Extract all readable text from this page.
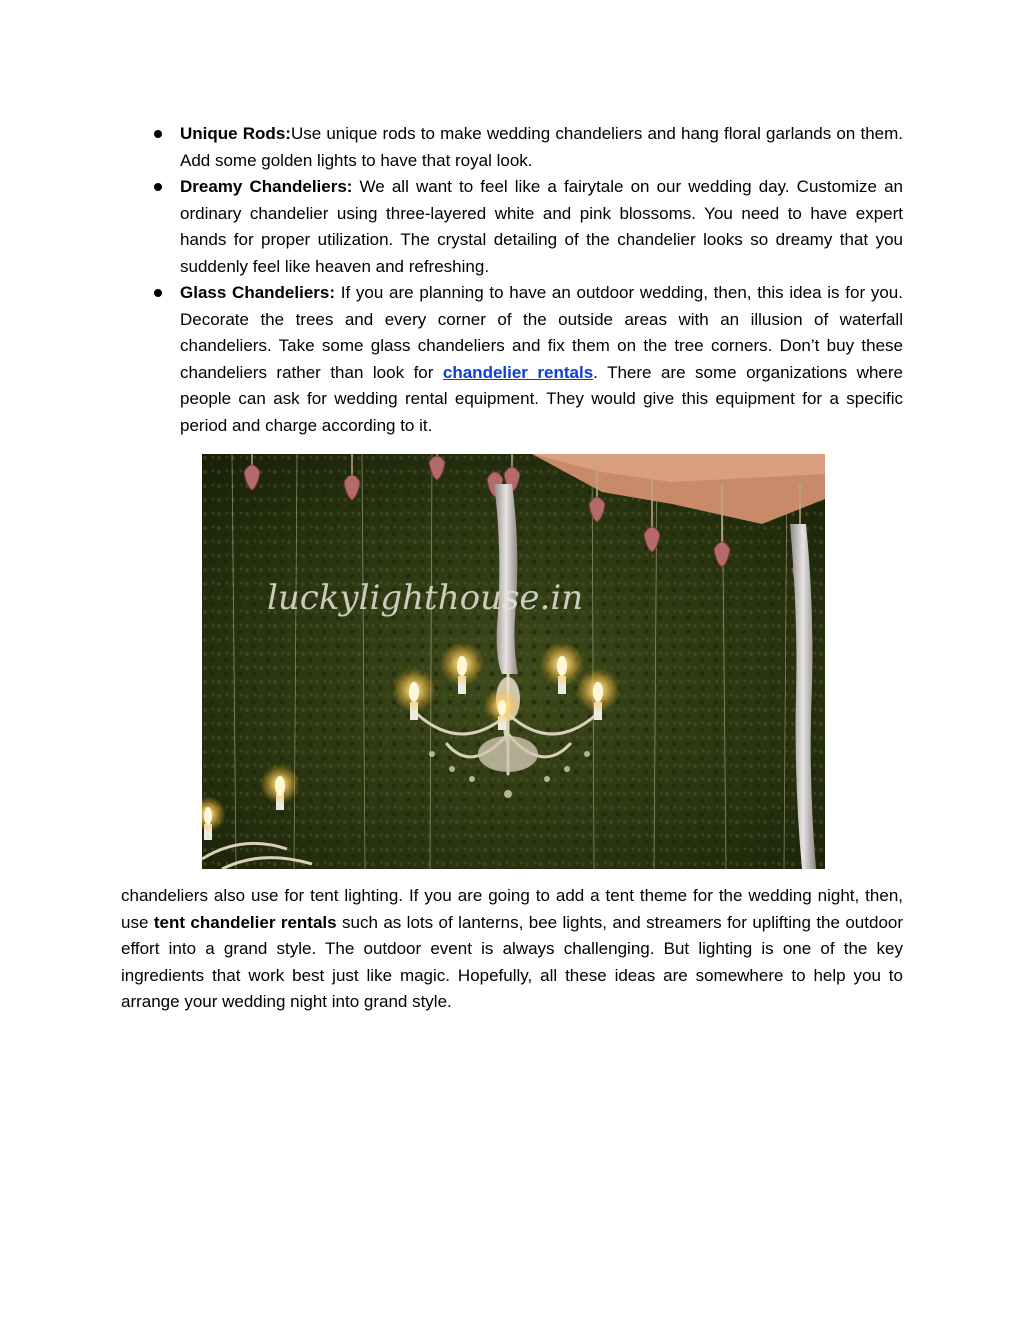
Unique Rods:Use unique rods to make wedding chandeliers and hang floral garlands on them. Add some golden lights to have that royal look.
Dreamy Chandeliers: We all want to feel like a fairytale on our wedding day. Customize an ordinary chandelier using three-layered white and pink blossoms. You need to have expert hands for proper utilization. The crystal detailing of the chandelier looks so dreamy that you suddenly feel like heaven and refreshing.
Glass Chandeliers: If you are planning to have an outdoor wedding, then, this idea is for you. Decorate the trees and every corner of the outside areas with an illusion of waterfall chandeliers. Take some glass chandeliers and fix them on the tree corners. Don’t buy these chandeliers rather than look for chandelier rentals. There are some organizations where people can ask for wedding rental equipment. They would give this equipment for a specific period and charge according to it.
luckylighthouse.in

chandeliers also use for tent lighting. If you are going to add a tent theme for the wedding night, then, use tent chandelier rentals such as lots of lanterns, bee lights, and streamers for uplifting the outdoor effort into a grand style. The outdoor event is always challenging. But lighting is one of the key ingredients that work best just like magic. Hopefully, all these ideas are somewhere to help you to arrange your wedding night into grand style.
